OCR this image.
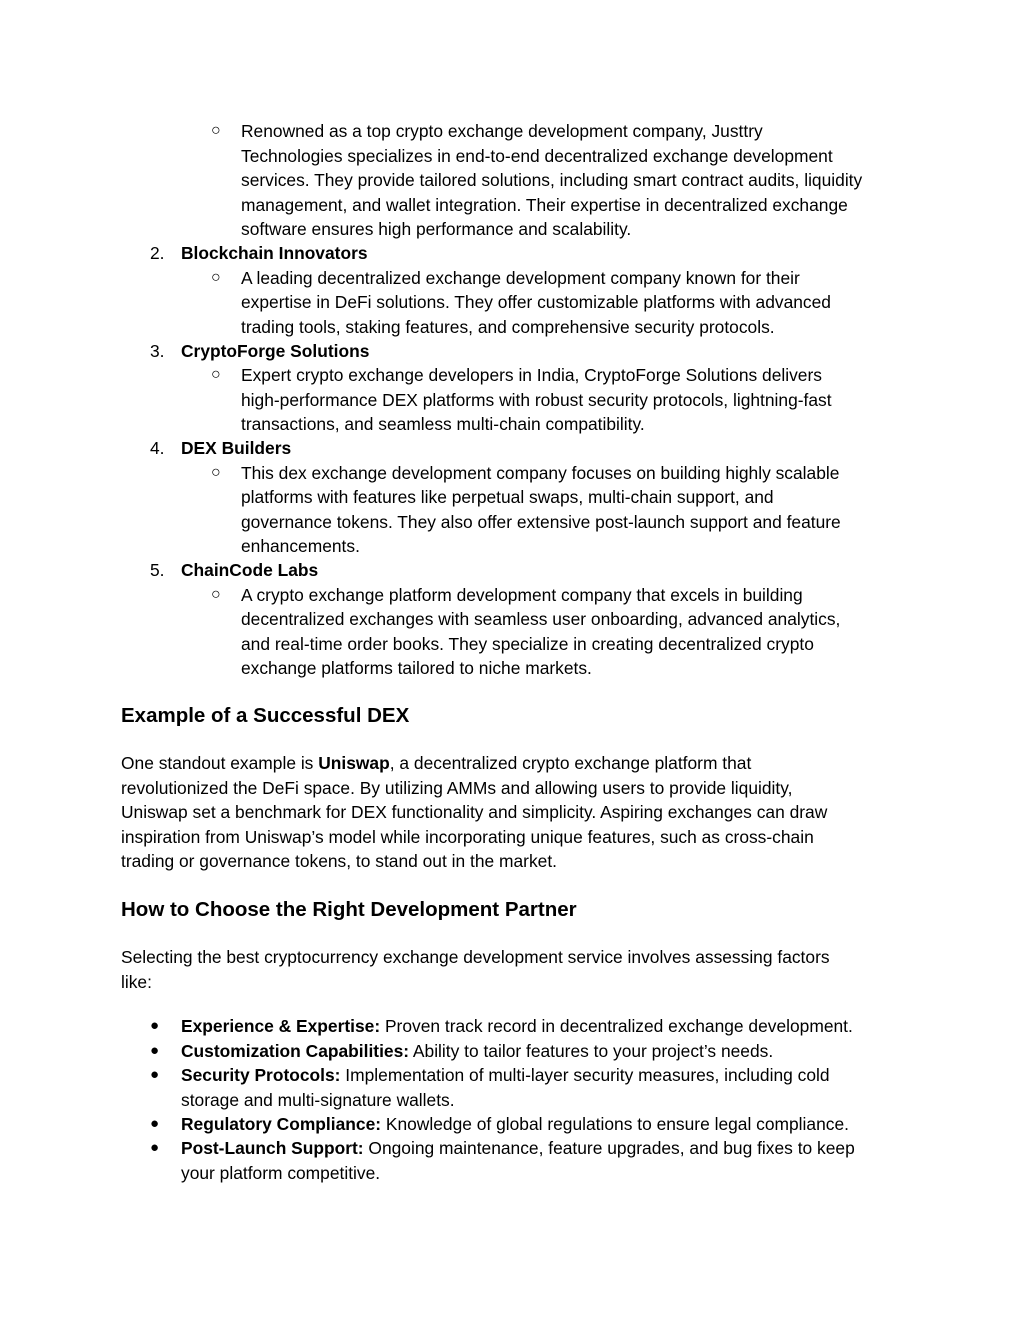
○ Renowned as a top crypto exchange development company, Justtry
Technologies specializes in end-to-end decentralized exchange development
services. They provide tailored solutions, including smart contract audits, liquidity
management, and wallet integration. Their expertise in decentralized exchange
software ensures high performance and scalability.
2. Blockchain Innovators
○ A leading decentralized exchange development company known for their
expertise in DeFi solutions. They offer customizable platforms with advanced
trading tools, staking features, and comprehensive security protocols.
3. CryptoForge Solutions
○ Expert crypto exchange developers in India, CryptoForge Solutions delivers
high-performance DEX platforms with robust security protocols, lightning-fast
transactions, and seamless multi-chain compatibility.
4. DEX Builders
○ This dex exchange development company focuses on building highly scalable
platforms with features like perpetual swaps, multi-chain support, and
governance tokens. They also offer extensive post-launch support and feature
enhancements.
5. ChainCode Labs
○ A crypto exchange platform development company that excels in building
decentralized exchanges with seamless user onboarding, advanced analytics,
and real-time order books. They specialize in creating decentralized crypto
exchange platforms tailored to niche markets.
Example of a Successful DEX
One standout example is Uniswap, a decentralized crypto exchange platform that
revolutionized the DeFi space. By utilizing AMMs and allowing users to provide liquidity,
Uniswap set a benchmark for DEX functionality and simplicity. Aspiring exchanges can draw
inspiration from Uniswap’s model while incorporating unique features, such as cross-chain
trading or governance tokens, to stand out in the market.
How to Choose the Right Development Partner
Selecting the best cryptocurrency exchange development service involves assessing factors
like:
● Experience & Expertise: Proven track record in decentralized exchange development.
● Customization Capabilities: Ability to tailor features to your project’s needs.
● Security Protocols: Implementation of multi-layer security measures, including cold
storage and multi-signature wallets.
● Regulatory Compliance: Knowledge of global regulations to ensure legal compliance.
● Post-Launch Support: Ongoing maintenance, feature upgrades, and bug fixes to keep
your platform competitive.
